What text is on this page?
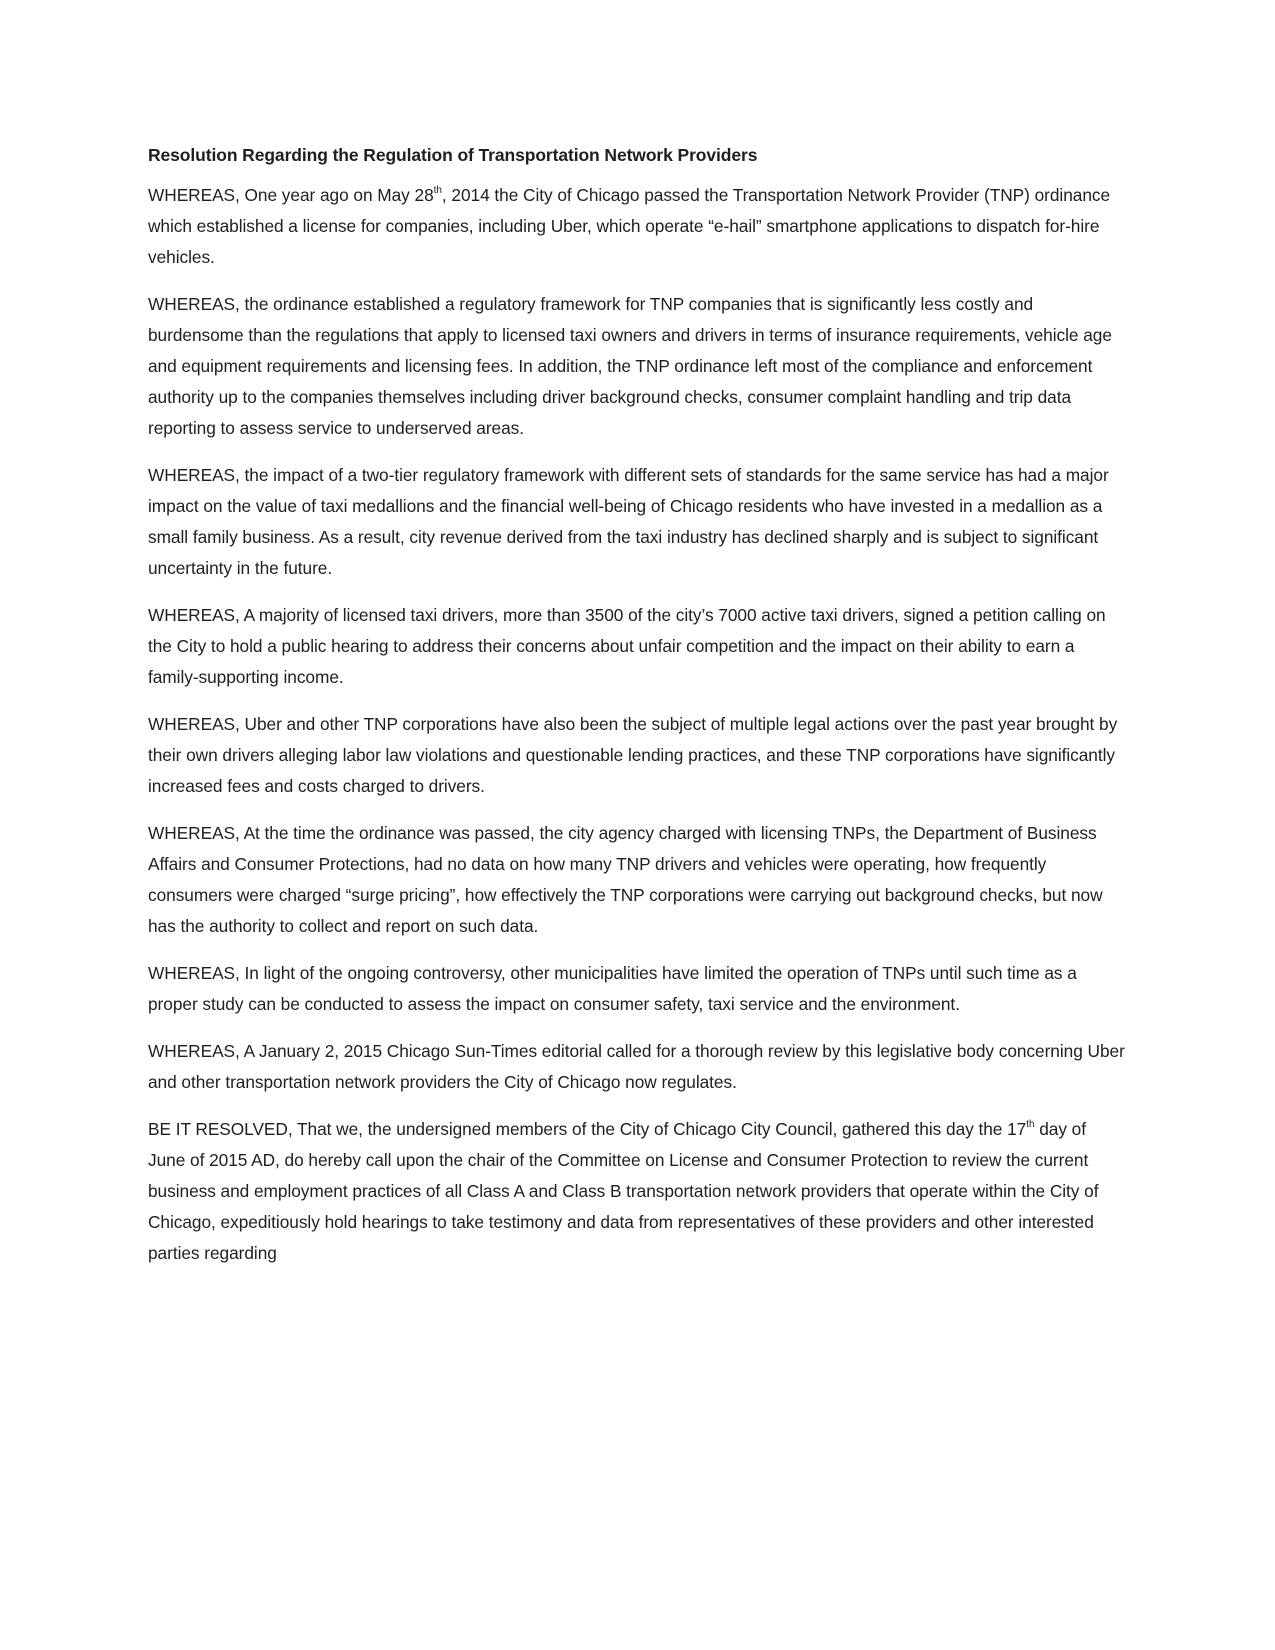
Resolution Regarding the Regulation of Transportation Network Providers

WHEREAS, One year ago on May 28th, 2014 the City of Chicago passed the Transportation Network Provider (TNP) ordinance which established a license for companies, including Uber, which operate “e-hail” smartphone applications to dispatch for-hire vehicles.

WHEREAS, the ordinance established a regulatory framework for TNP companies that is significantly less costly and burdensome than the regulations that apply to licensed taxi owners and drivers in terms of insurance requirements, vehicle age and equipment requirements and licensing fees. In addition, the TNP ordinance left most of the compliance and enforcement authority up to the companies themselves including driver background checks, consumer complaint handling and trip data reporting to assess service to underserved areas.

WHEREAS, the impact of a two-tier regulatory framework with different sets of standards for the same service has had a major impact on the value of taxi medallions and the financial well-being of Chicago residents who have invested in a medallion as a small family business. As a result, city revenue derived from the taxi industry has declined sharply and is subject to significant uncertainty in the future.

WHEREAS, A majority of licensed taxi drivers, more than 3500 of the city’s 7000 active taxi drivers, signed a petition calling on the City to hold a public hearing to address their concerns about unfair competition and the impact on their ability to earn a family-supporting income.

WHEREAS, Uber and other TNP corporations have also been the subject of multiple legal actions over the past year brought by their own drivers alleging labor law violations and questionable lending practices, and these TNP corporations have significantly increased fees and costs charged to drivers.

WHEREAS, At the time the ordinance was passed, the city agency charged with licensing TNPs, the Department of Business Affairs and Consumer Protections, had no data on how many TNP drivers and vehicles were operating, how frequently consumers were charged “surge pricing”, how effectively the TNP corporations were carrying out background checks, but now has the authority to collect and report on such data.

WHEREAS, In light of the ongoing controversy, other municipalities have limited the operation of TNPs until such time as a proper study can be conducted to assess the impact on consumer safety, taxi service and the environment.

WHEREAS, A January 2, 2015 Chicago Sun-Times editorial called for a thorough review by this legislative body concerning Uber and other transportation network providers the City of Chicago now regulates.

BE IT RESOLVED, That we, the undersigned members of the City of Chicago City Council, gathered this day the 17th day of June of 2015 AD, do hereby call upon the chair of the Committee on License and Consumer Protection to review the current business and employment practices of all Class A and Class B transportation network providers that operate within the City of Chicago, expeditiously hold hearings to take testimony and data from representatives of these providers and other interested parties regarding
